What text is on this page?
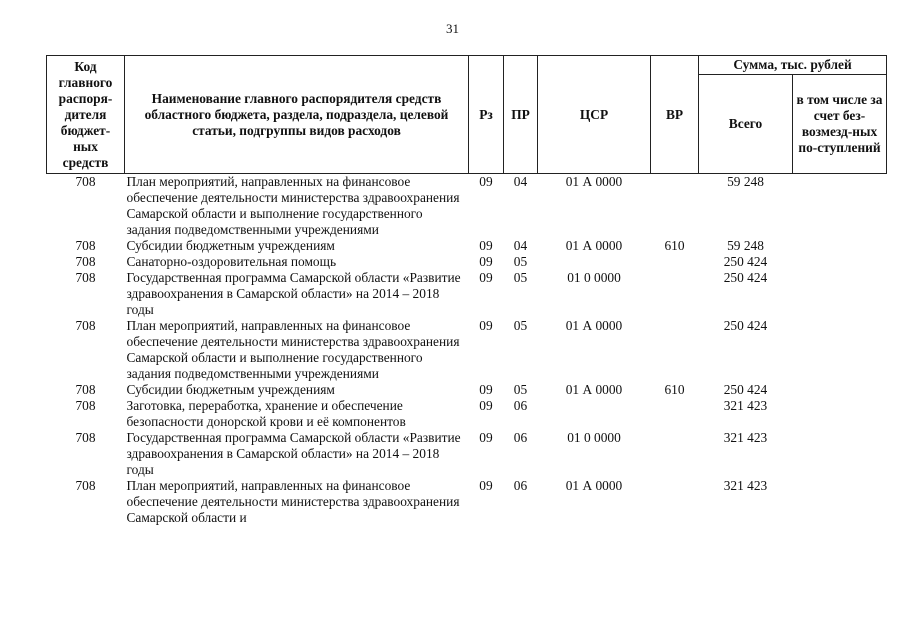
31
Код главного распоря-дителя бюджет-ных средств	Наименование главного распорядителя средств областного бюджета, раздела, подраздела, целевой статьи, подгруппы видов расходов	Рз	ПР	ЦСР	ВР	Сумма, тыс. рублей	
						Всего	в том числе за счет без-возмезд-ных по-ступлений
708	План мероприятий, направленных на финансовое обеспечение деятельности министерства здравоохранения Самарской области и выполнение государственного задания подведомственными учреждениями	09	04	01 А 0000		59 248	
708	Субсидии бюджетным учреждениям	09	04	01 А 0000	610	59 248	
708	Санаторно-оздоровительная помощь	09	05			250 424	
708	Государственная программа Самарской области «Развитие здравоохранения в Самарской области» на 2014 – 2018 годы	09	05	01 0 0000		250 424	
708	План мероприятий, направленных на финансовое обеспечение деятельности министерства здравоохранения Самарской области и выполнение государственного задания подведомственными учреждениями	09	05	01 А 0000		250 424	
708	Субсидии бюджетным учреждениям	09	05	01 А 0000	610	250 424	
708	Заготовка, переработка, хранение и обеспечение безопасности донорской крови и её компонентов	09	06			321 423	
708	Государственная программа Самарской области «Развитие здравоохранения в Самарской области» на 2014 – 2018 годы	09	06	01 0 0000		321 423	
708	План мероприятий, направленных на финансовое обеспечение деятельности министерства здравоохранения Самарской области и	09	06	01 А 0000		321 423	
